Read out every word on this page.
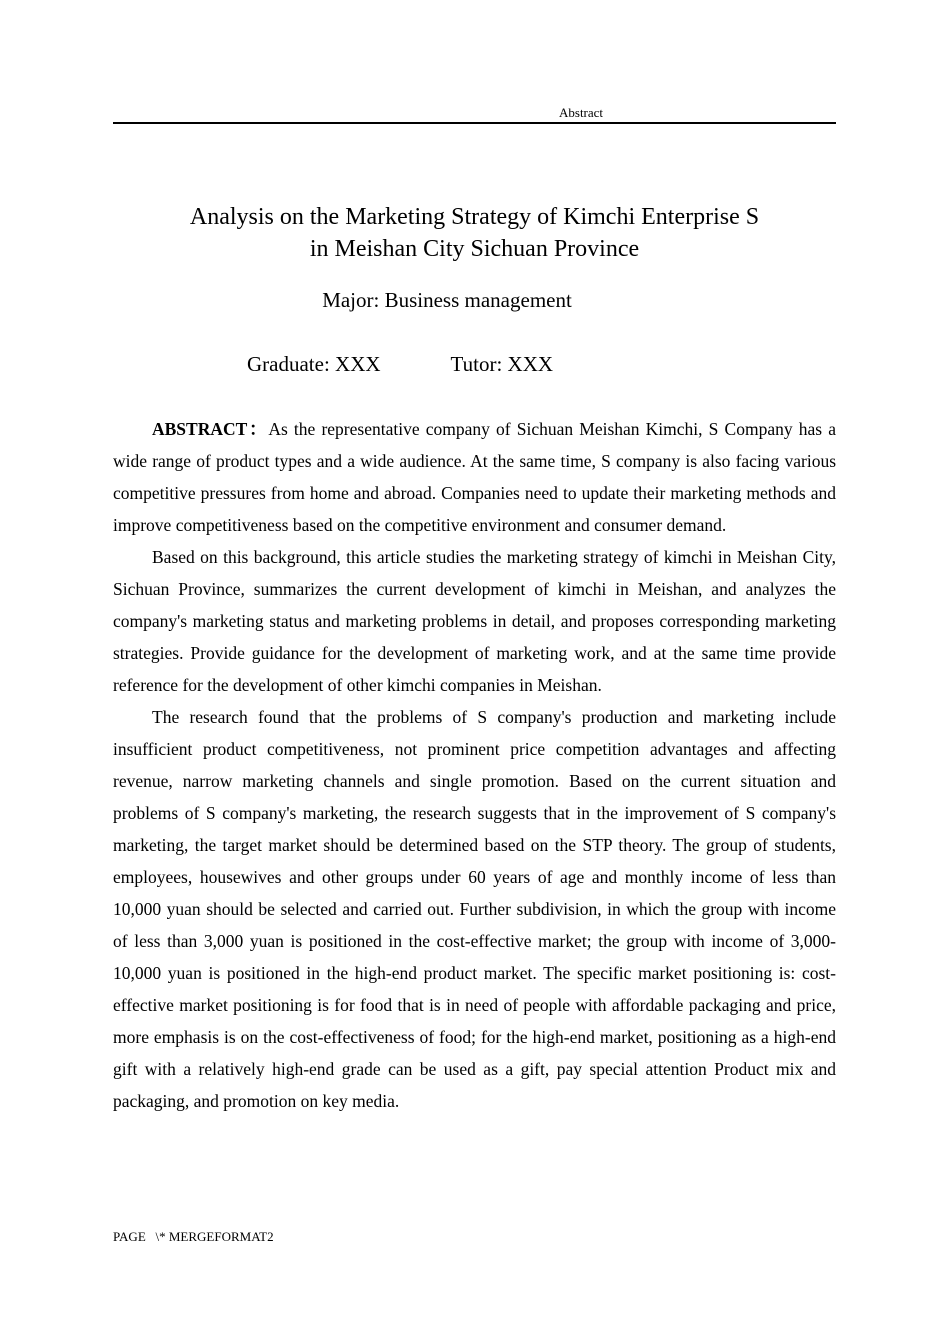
Abstract
Analysis on the Marketing Strategy of Kimchi Enterprise S
in Meishan City Sichuan Province
Major: Business management
Graduate: XXX	Tutor: XXX

ABSTRACT：As the representative company of Sichuan Meishan Kimchi, S Company has a wide range of product types and a wide audience. At the same time, S company is also facing various competitive pressures from home and abroad. Companies need to update their marketing methods and improve competitiveness based on the competitive environment and consumer demand.

Based on this background, this article studies the marketing strategy of kimchi in Meishan City, Sichuan Province, summarizes the current development of kimchi in Meishan, and analyzes the company's marketing status and marketing problems in detail, and proposes corresponding marketing strategies. Provide guidance for the development of marketing work, and at the same time provide reference for the development of other kimchi companies in Meishan.

The research found that the problems of S company's production and marketing include insufficient product competitiveness, not prominent price competition advantages and affecting revenue, narrow marketing channels and single promotion. Based on the current situation and problems of S company's marketing, the research suggests that in the improvement of S company's marketing, the target market should be determined based on the STP theory. The group of students, employees, housewives and other groups under 60 years of age and monthly income of less than 10,000 yuan should be selected and carried out. Further subdivision, in which the group with income of less than 3,000 yuan is positioned in the cost-effective market; the group with income of 3,000-10,000 yuan is positioned in the high-end product market. The specific market positioning is: cost-effective market positioning is for food that is in need of people with affordable packaging and price, more emphasis is on the cost-effectiveness of food; for the high-end market, positioning as a high-end gift with a relatively high-end grade can be used as a gift, pay special attention Product mix and packaging, and promotion on key media.

PAGE   \* MERGEFORMAT2
